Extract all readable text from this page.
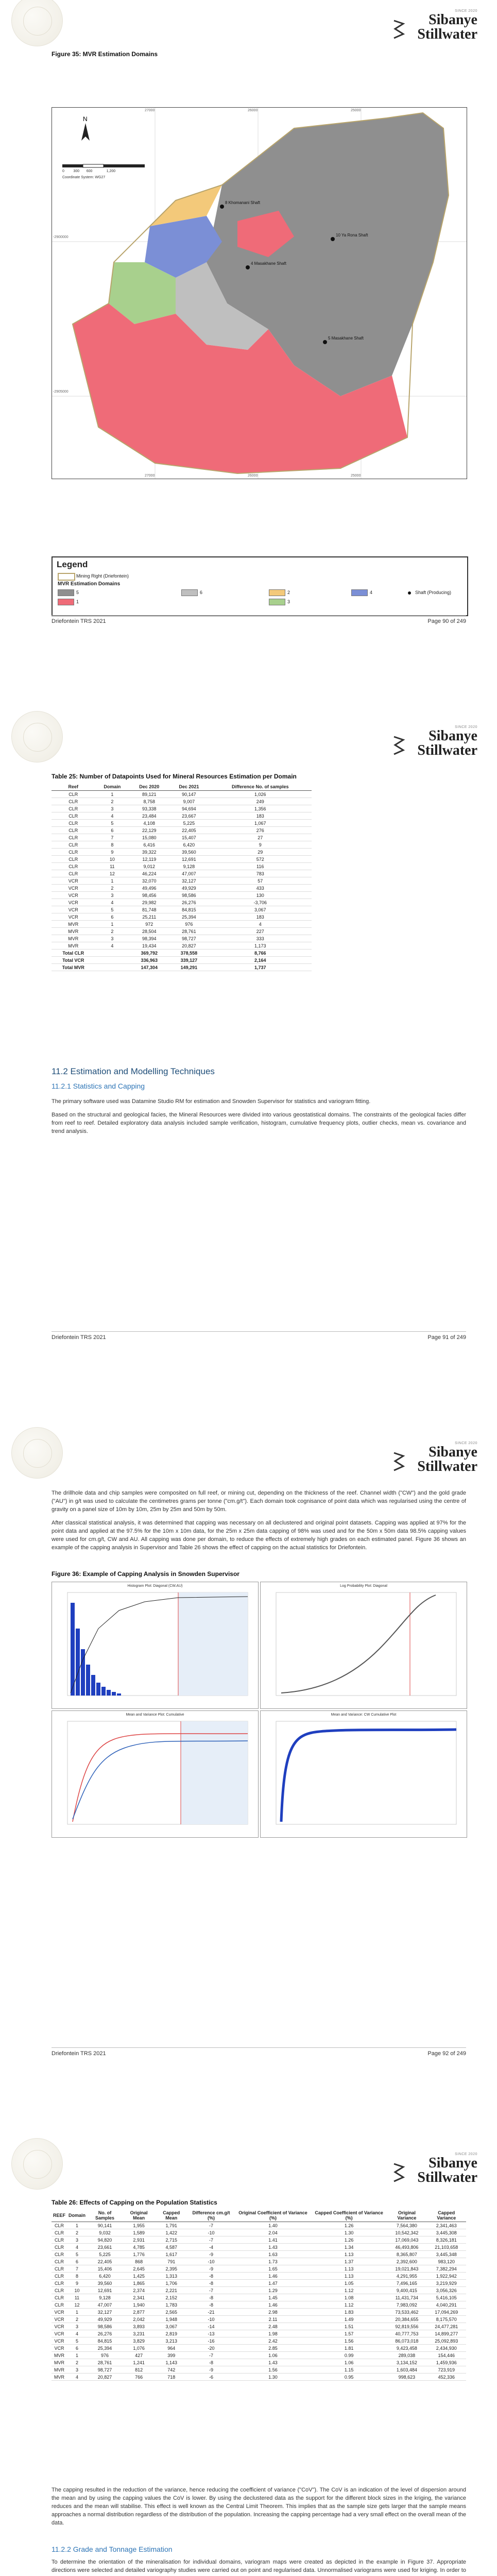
SINCE 2020
Sibanye
Stillwater
Figure 35: MVR Estimation Domains
N
27000	26000	25000
27000	26000	25000
-2900000
-2905000
0	300 600	1,200
Coordinate System: WG27
8 Khomanani Shaft
10 Ya Rona Shaft
4 Masakhane Shaft
5 Masakhane Shaft
Legend
Mining Right (Driefontein)
MVR Estimation Domains
1
2
3
4
5	6	Shaft (Producing)
Driefontein TRS 2021	Page 90 of 249
SINCE 2020
Sibanye
Stillwater
Table 25: Number of Datapoints Used for Mineral Resources Estimation per Domain
Reef	Domain	Dec 2020	Dec 2021	Difference No. of samples
CLR	1	89,121	90,147	1,026
CLR	2	8,758	9,007	249
CLR	3	93,338	94,694	1,356
CLR	4	23,484	23,667	183
CLR	5	4,108	5,225	1,067
CLR	6	22,129	22,405	276
CLR	7	15,080	15,407	27
CLR	8	6,416	6,420	9
CLR	9	39,322	39,560	29
CLR	10	12,119	12,691	572
CLR	11	9,012	9,128	116
CLR	12	46,224	47,007	783
VCR	1	32,070	32,127	57
VCR	2	49,496	49,929	433
VCR	3	98,456	98,586	130
VCR	4	29,982	26,276	-3,706
VCR	5	81,748	84,815	3,067
VCR	6	25,211	25,394	183
MVR	1	972	976	4
MVR	2	28,504	28,761	227
MVR	3	98,394	98,727	333
MVR	4	19,434	20,827	1,173
Total CLR		369,792	378,558	8,766
Total VCR		336,963	339,127	2,164
Total MVR		147,304	149,291	1,737
11.2 Estimation and Modelling Techniques
11.2.1 Statistics and Capping

The primary software used was Datamine Studio RM for estimation and Snowden Supervisor for statistics and variogram fitting.

Based on the structural and geological facies, the Mineral Resources were divided into various geostatistical domains. The constraints of the geological facies differ from reef to reef. Detailed exploratory data analysis included sample verification, histogram, cumulative frequency plots, outlier checks, mean vs. covariance and trend analysis.

Driefontein TRS 2021	Page 91 of 249
SINCE 2020
Sibanye
Stillwater

The drillhole data and chip samples were composited on full reef, or mining cut, depending on the thickness of the reef. Channel width ("CW") and the gold grade ("AU") in g/t was used to calculate the centimetres grams per tonne ("cm.g/t"). Each domain took cognisance of point data which was regularised using the centre of gravity on a panel size of 10m by 10m, 25m by 25m and 50m by 50m.

After classical statistical analysis, it was determined that capping was necessary on all declustered and original point datasets. Capping was applied at 97% for the point data and applied at the 97.5% for the 10m x 10m data, for the 25m x 25m data capping of 98% was used and for the 50m x 50m data 98.5% capping values were used for cm.g/t, CW and AU. All capping was done per domain, to reduce the effects of extremely high grades on each estimated panel. Figure 36 shows an example of the capping analysis in Supervisor and Table 26 shows the effect of capping on the actual statistics for Driefontein.

Figure 36: Example of Capping Analysis in Snowden Supervisor
Histogram Plot: Diagonal (CW.AU)	Log Probability Plot: Diagonal
Mean and Variance Plot: Cumulative	Mean and Variance: CW Cumulative Plot
Driefontein TRS 2021	Page 92 of 249
SINCE 2020
Sibanye
Stillwater
Table 26: Effects of Capping on the Population Statistics
REEF	Domain	No. of Samples	Original Mean	Capped Mean	Difference cm.g/t (%)	Original Coefficient of Variance (%)	Capped Coefficient of Variance (%)	Original Variance	Capped Variance
CLR	1	90,141	1,955	1,791	-7	1.40	1.26	7,564,380	2,341,463
CLR	2	9,032	1,589	1,422	-10	2.04	1.30	10,542,342	3,445,308
CLR	3	94,820	2,931	2,715	-7	1.41	1.26	17,069,043	8,326,181
CLR	4	23,661	4,785	4,587	-4	1.43	1.34	46,493,806	21,103,658
CLR	5	5,225	1,776	1,617	-9	1.63	1.13	8,365,807	3,445,348
CLR	6	22,405	868	791	-10	1.73	1.37	2,392,600	983,120
CLR	7	15,406	2,645	2,395	-9	1.65	1.13	19,021,843	7,382,294
CLR	8	6,420	1,425	1,313	-8	1.46	1.13	4,291,955	1,922,942
CLR	9	39,560	1,865	1,706	-8	1.47	1.05	7,496,165	3,219,929
CLR	10	12,691	2,374	2,221	-7	1.29	1.12	9,400,415	3,056,326
CLR	11	9,128	2,341	2,152	-8	1.45	1.08	11,431,734	5,416,105
CLR	12	47,007	1,940	1,783	-8	1.46	1.12	7,983,092	4,040,291
VCR	1	32,127	2,877	2,565	-21	2.98	1.83	73,533,462	17,094,269
VCR	2	49,929	2,042	1,948	-10	2.11	1.49	20,384,655	8,175,570
VCR	3	98,586	3,893	3,067	-14	2.48	1.51	92,819,556	24,477,281
VCR	4	26,276	3,231	2,819	-13	1.98	1.57	40,777,753	14,899,277
VCR	5	84,815	3,829	3,213	-16	2.42	1.56	86,073,018	25,092,893
VCR	6	25,394	1,076	964	-20	2.85	1.81	9,423,458	2,434,930
MVR	1	976	427	399	-7	1.06	0.99	289,038	154,446
MVR	2	28,761	1,241	1,143	-8	1.43	1.06	3,134,152	1,459,936
MVR	3	98,727	812	742	-9	1.56	1.15	1,603,484	723,919
MVR	4	20,827	766	718	-6	1.30	0.95	998,623	452,336

The capping resulted in the reduction of the variance, hence reducing the coefficient of variance ("CoV"). The CoV is an indication of the level of dispersion around the mean and by using the capping values the CoV is lower. By using the declustered data as the support for the different block sizes in the kriging, the variance reduces and the mean will stabilise. This effect is well known as the Central Limit Theorem. This implies that as the sample size gets larger that the sample means approaches a normal distribution regardless of the distribution of the population. Increasing the capping percentage had a very small effect on the overall mean of the data.

11.2.2 Grade and Tonnage Estimation

To determine the orientation of the mineralisation for individual domains, variogram maps were created as depicted in the example in Figure 37. Appropriate directions were selected and detailed variography studies were carried out on point and regularised data. Unnormalised variograms were used for kriging. In order to
